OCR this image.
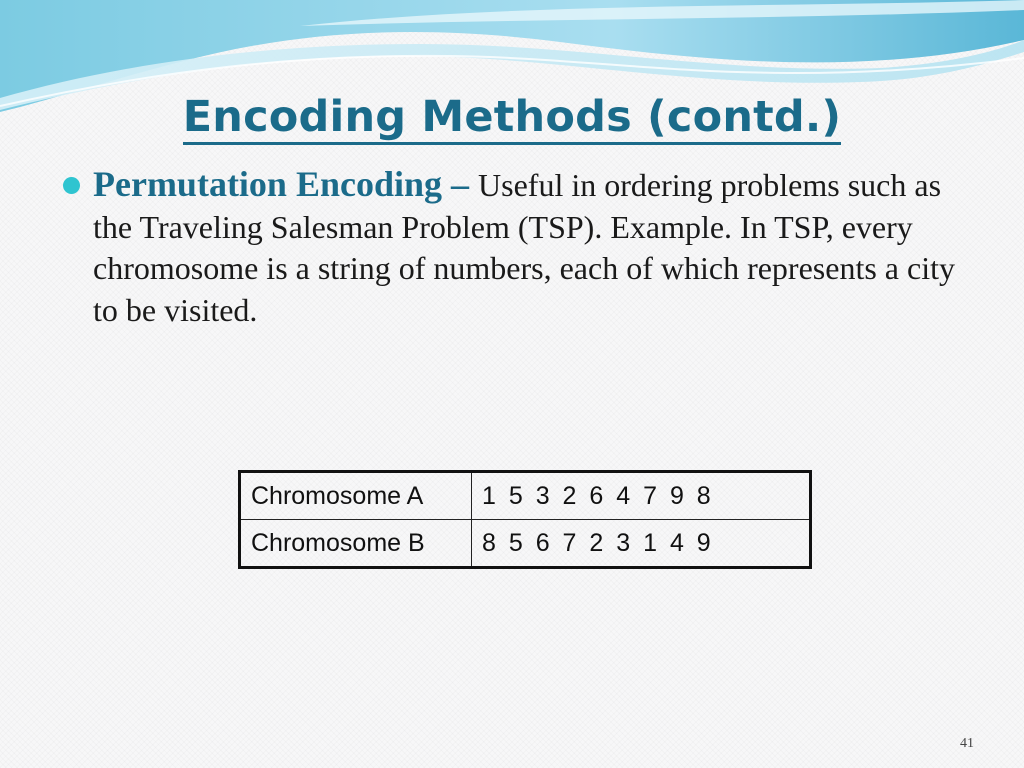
Encoding Methods (contd.)
Permutation Encoding – Useful in ordering problems such as the Traveling Salesman Problem (TSP). Example. In TSP, every chromosome is a string of numbers, each of which represents a city to be visited.
Chromosome A	1 5 3 2 6 4 7 9 8
Chromosome B	8 5 6 7 2 3 1 4 9
41
